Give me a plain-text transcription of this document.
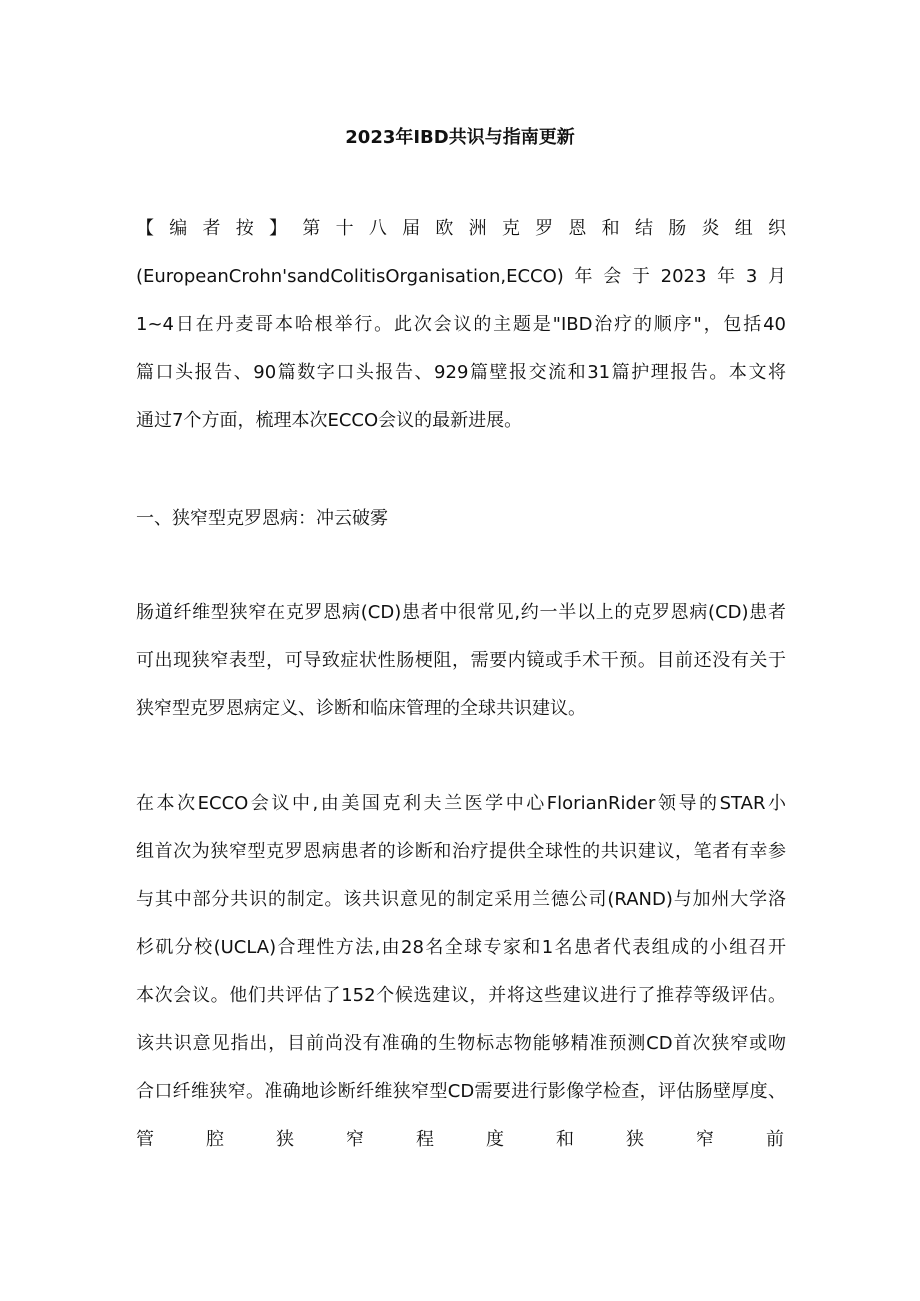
2023年IBD共识与指南更新
【编者按】第十八届欧洲克罗恩和结肠炎组织
(EuropeanCrohn'sandColitisOrganisation,ECCO)年会于2023年3月
1~4日在丹麦哥本哈根举行。此次会议的主题是"IBD治疗的顺序"，包括40
篇口头报告、90篇数字口头报告、929篇壁报交流和31篇护理报告。本文将
通过7个方面，梳理本次ECCO会议的最新进展。
一、狭窄型克罗恩病：冲云破雾
肠道纤维型狭窄在克罗恩病(CD)患者中很常见,约一半以上的克罗恩病(CD)患者
可出现狭窄表型，可导致症状性肠梗阻，需要内镜或手术干预。目前还没有关于
狭窄型克罗恩病定义、诊断和临床管理的全球共识建议。
在本次ECCO会议中,由美国克利夫兰医学中心FlorianRider领导的STAR小
组首次为狭窄型克罗恩病患者的诊断和治疗提供全球性的共识建议，笔者有幸参
与其中部分共识的制定。该共识意见的制定采用兰德公司(RAND)与加州大学洛
杉矶分校(UCLA)合理性方法,由28名全球专家和1名患者代表组成的小组召开
本次会议。他们共评估了152个候选建议，并将这些建议进行了推荐等级评估。
该共识意见指出，目前尚没有准确的生物标志物能够精准预测CD首次狭窄或吻
合口纤维狭窄。准确地诊断纤维狭窄型CD需要进行影像学检查，评估肠壁厚度、
管腔狭窄程度和狭窄前
